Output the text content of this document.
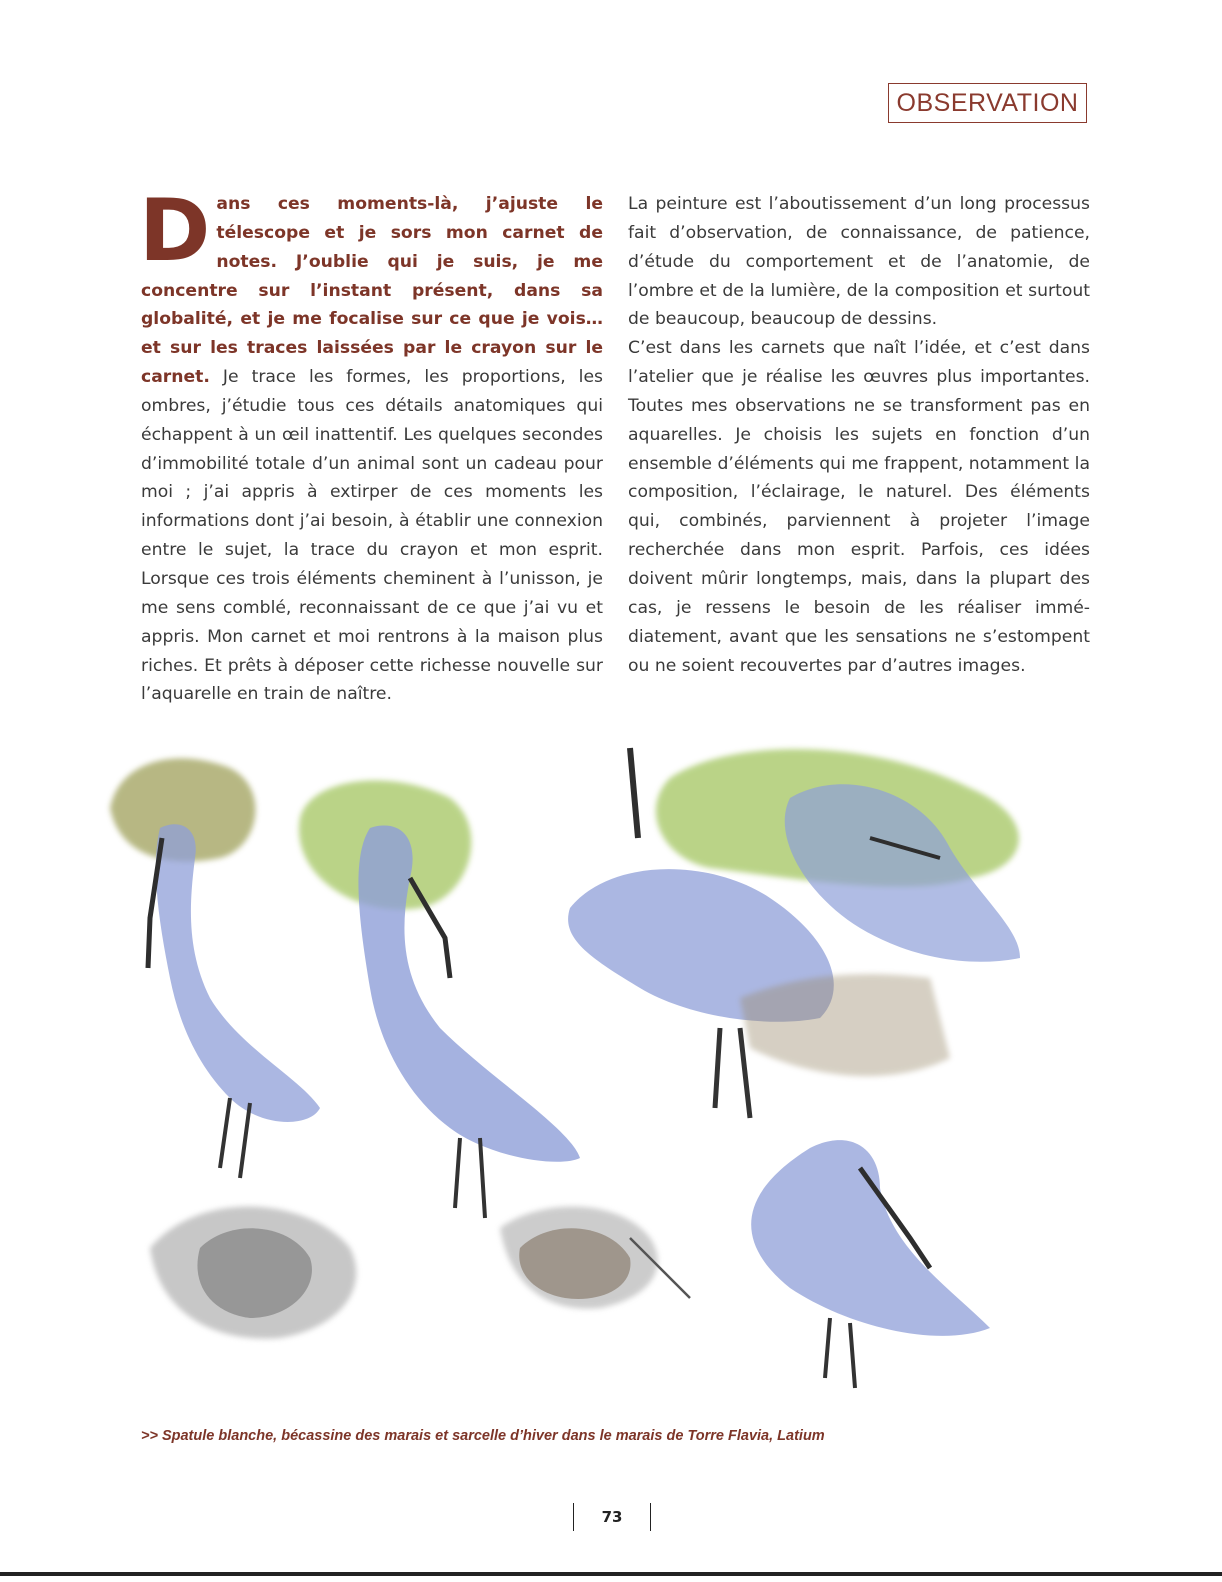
OBSERVATION

Dans ces moments-là, j’ajuste le télescope et je sors mon carnet de notes. J’oublie qui je suis, je me concentre sur l’instant présent, dans sa globalité, et je me focalise sur ce que je vois… et sur les traces laissées par le crayon sur le carnet. Je trace les formes, les proportions, les ombres, j’étudie tous ces détails anatomiques qui échappent à un œil inattentif. Les quelques secondes d’immobilité totale d’un animal sont un cadeau pour moi ; j’ai appris à extirper de ces moments les informations dont j’ai besoin, à établir une connexion entre le sujet, la trace du crayon et mon esprit. Lorsque ces trois éléments cheminent à l’unisson, je me sens comblé, reconnaissant de ce que j’ai vu et appris. Mon carnet et moi rentrons à la maison plus riches. Et prêts à déposer cette richesse nouvelle sur l’aquarelle en train de naître.

La peinture est l’aboutissement d’un long processus fait d’observation, de connaissance, de patience, d’étude du comportement et de l’anatomie, de l’ombre et de la lumière, de la composition et surtout de beaucoup, beaucoup de dessins.

C’est dans les carnets que naît l’idée, et c’est dans l’atelier que je réalise les œuvres plus importantes. Toutes mes observations ne se transforment pas en aquarelles. Je choisis les sujets en fonction d’un ensemble d’éléments qui me frappent, notamment la composition, l’éclairage, le naturel. Des éléments qui, combinés, parviennent à projeter l’image recherchée dans mon esprit. Parfois, ces idées doivent mûrir longtemps, mais, dans la plupart des cas, je ressens le besoin de les réaliser immédiatement, avant que les sensations ne s’estompent ou ne soient recouvertes par d’autres images.

>> Spatule blanche, bécassine des marais et sarcelle d’hiver dans le marais de Torre Flavia, Latium
73
